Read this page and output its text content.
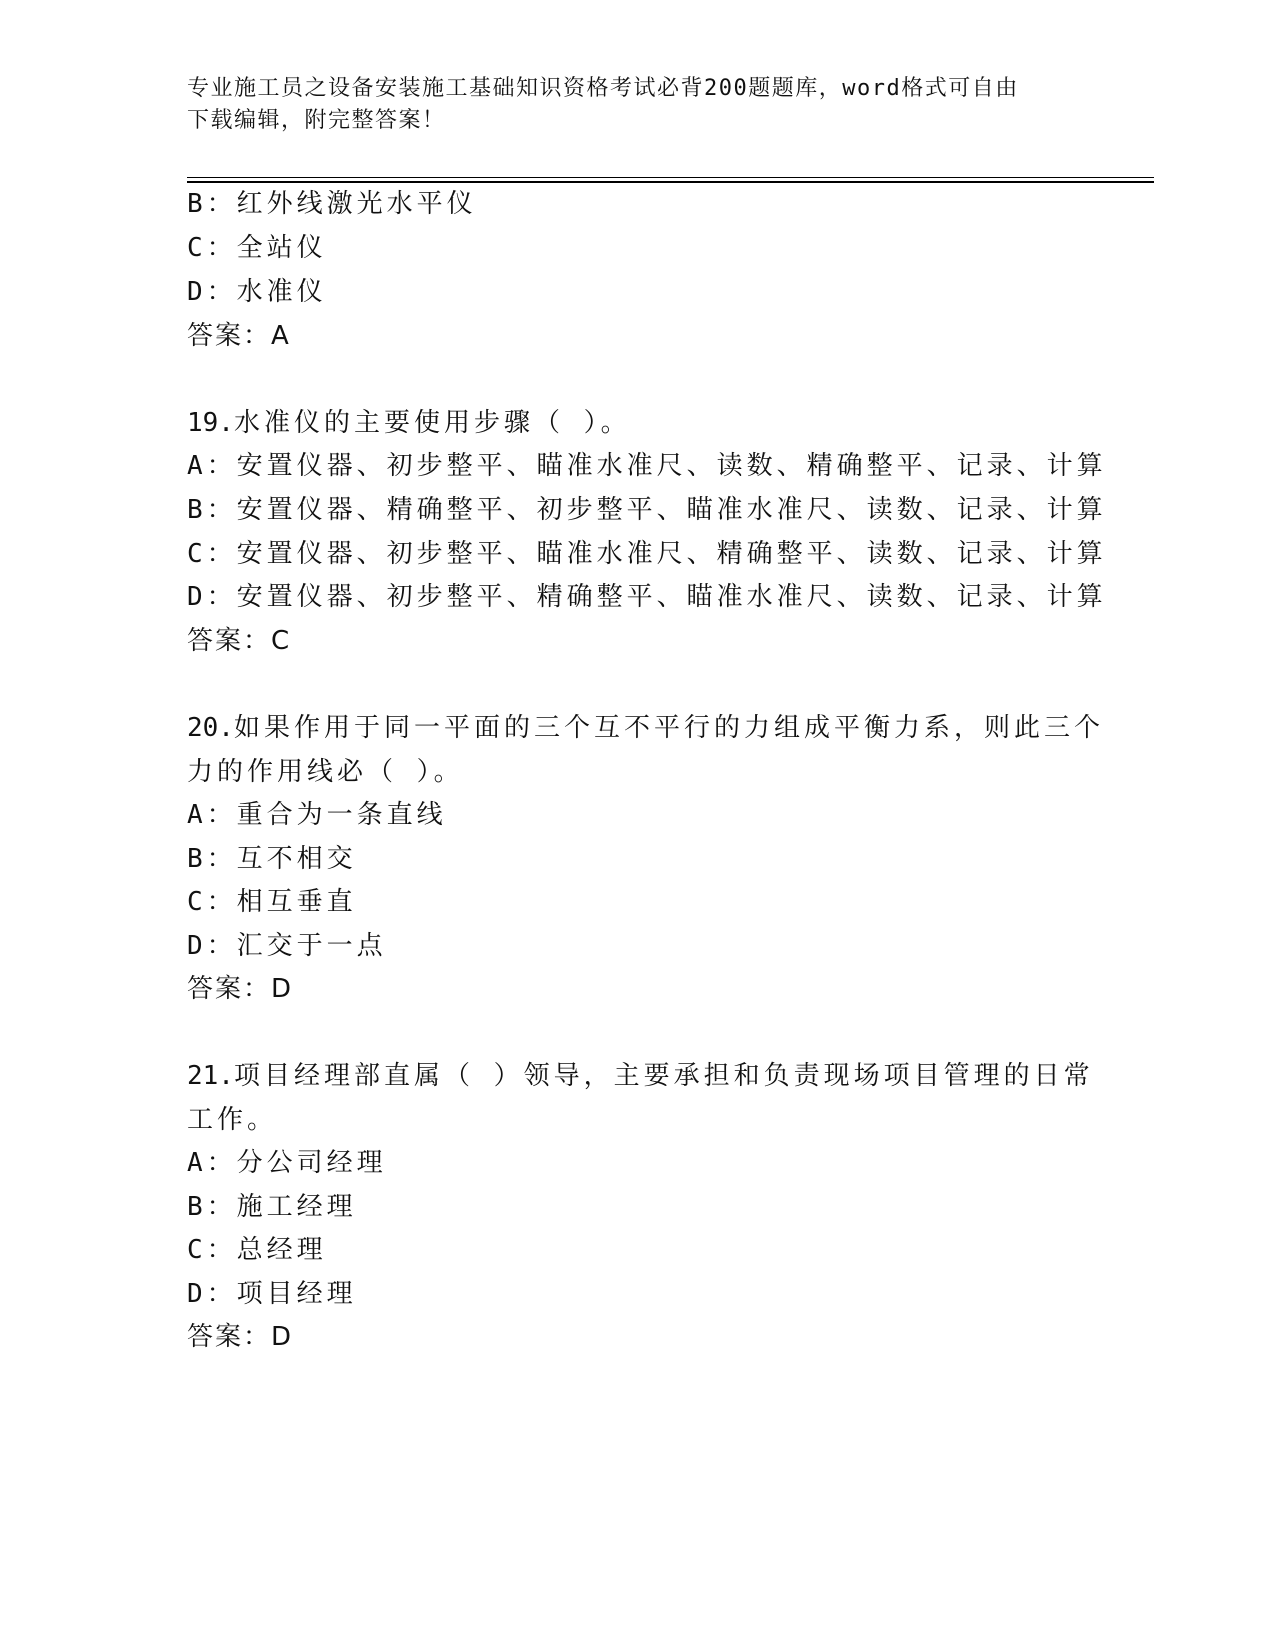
专业施工员之设备安装施工基础知识资格考试必背200题题库，word格式可自由
下载编辑，附完整答案！
B：红外线激光水平仪
C：全站仪
D：水准仪
答案：A
19.水准仪的主要使用步骤（ ）。
A：安置仪器、初步整平、瞄准水准尺、读数、精确整平、记录、计算
B：安置仪器、精确整平、初步整平、瞄准水准尺、读数、记录、计算
C：安置仪器、初步整平、瞄准水准尺、精确整平、读数、记录、计算
D：安置仪器、初步整平、精确整平、瞄准水准尺、读数、记录、计算
答案：C
20.如果作用于同一平面的三个互不平行的力组成平衡力系，则此三个
力的作用线必（ ）。
A：重合为一条直线
B：互不相交
C：相互垂直
D：汇交于一点
答案：D
21.项目经理部直属（ ）领导，主要承担和负责现场项目管理的日常
工作。
A：分公司经理
B：施工经理
C：总经理
D：项目经理
答案：D
